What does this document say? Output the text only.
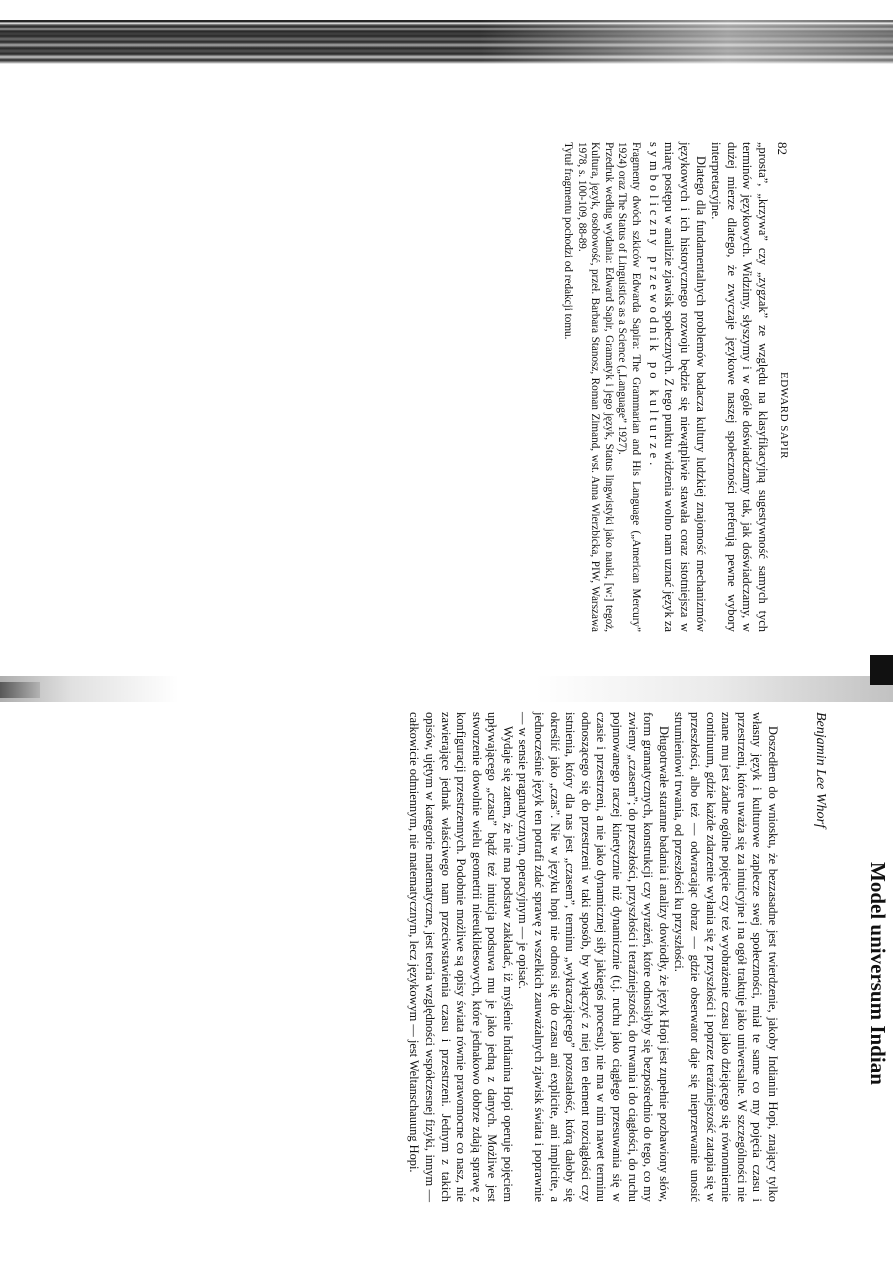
82
EDWARD SAPIR

„prosta”, „krzywa” czy „zygzak” ze względu na klasyfikacyjną sugestywność samych tych terminów językowych. Widzimy, słyszymy i w ogóle doświadczamy tak, jak doświadczamy, w dużej mierze dlatego, że zwyczaje językowe naszej społeczności preferują pewne wybory interpretacyjne.

Dlatego dla fundamentalnych problemów badacza kultury ludzkiej znajomość mechanizmów językowych i ich historycznego rozwoju będzie się niewątpliwie stawała coraz istotniejsza w miarę postępu w analizie zjawisk społecznych. Z tego punktu widzenia wolno nam uznać język za symboliczny przewodnik po kulturze.

Fragmenty dwóch szkiców Edwarda Sapira: The Grammarian and His Language („American Mercury” 1924) oraz The Status of Linguistics as a Science („Language” 1927).

Przedruk według wydania: Edward Sapir, Gramatyk i jego język, Status lingwistyki jako nauki, [w:] tegoż, Kultura, język, osobowość, przeł. Barbara Stanosz, Roman Zimand, wst. Anna Wierzbicka, PIW, Warszawa 1978, s. 100-109, 88-89.

Tytuł fragmentu pochodzi od redakcji tomu.

Model universum Indian
Benjamin Lee Whorf

Doszedłem do wniosku, że bezzasadne jest twierdzenie, jakoby Indianin Hopi, znający tylko własny język i kulturowe zaplecze swej społeczności, miał te same co my pojęcia czasu i przestrzeni, które uważa się za intuicyjne i na ogół traktuje jako uniwersalne. W szczególności nie znane mu jest żadne ogólne pojęcie czy też wyobrażenie czasu jako dziejącego się równomiernie continuum, gdzie każde zdarzenie wyłania się z przyszłości i poprzez teraźniejszość zatapia się w przeszłości, albo też — odwracając obraz — gdzie obserwator daje się nieprzerwanie unosić strumieniowi trwania, od przeszłości ku przyszłości.

Długotrwałe staranne badania i analizy dowiodły, że język Hopi jest zupełnie pozbawiony słów, form gramatycznych, konstrukcji czy wyrażeń, które odnosiłyby się bezpośrednio do tego, co my zwiemy „czasem”; do przeszłości, przyszłości i teraźniejszości, do trwania i do ciągłości, do ruchu pojmowanego raczej kinetycznie niż dynamicznie (t.j. ruchu jako ciągłego przesuwania się w czasie i przestrzeni, a nie jako dynamicznej siły jakiegoś procesu); nie ma w nim nawet terminu odnoszącego się do przestrzeni w taki sposób, by wyłączyć z niej ten element rozciągłości czy istnienia, który dla nas jest „czasem”, terminu „wykraczającego” pozostałość, którą dałoby się określić jako „czas”. Nie w języku hopi nie odnosi się do czasu ani explicite, ani implicite, a jednocześnie język ten potrafi zdać sprawę z wszelkich zauważalnych zjawisk świata i poprawnie — w sensie pragmatycznym, operacyjnym — je opisać.

Wydaje się zatem, że nie ma podstaw zakładać, iż myślenie Indianina Hopi operuje pojęciem upływającego „czasu” bądź też intuicja podsuwa mu je jako jedną z danych. Możliwe jest stworzenie dowolnie wielu geometrii nieeuklidesowych, które jednakowo dobrze zdają sprawę z konfiguracji przestrzennych. Podobnie możliwe są opisy świata równie prawomocne co nasz, nie zawierające jednak właściwego nam przeciwstawienia czasu i przestrzeni. Jednym z takich opisów, ujętym w kategorie matematyczne, jest teoria względności współczesnej fizyki, innym — całkowicie odmiennym, nie matematycznym, lecz językowym — jest Weltanschauung Hopi.
